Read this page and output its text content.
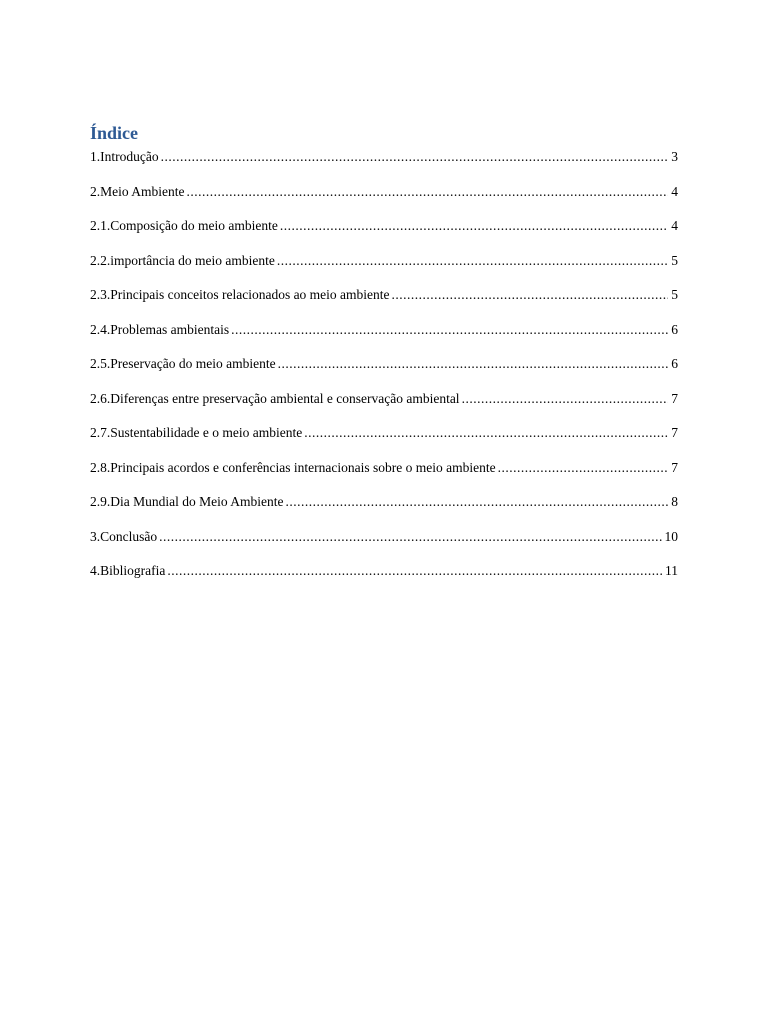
Índice
1.Introdução .....	3
2.Meio Ambiente .....	4
2.1.Composição do meio ambiente .....	4
2.2.importância do meio ambiente .....	5
2.3.Principais conceitos relacionados ao meio ambiente .....	5
2.4.Problemas ambientais .....	6
2.5.Preservação do meio ambiente .....	6
2.6.Diferenças entre preservação ambiental e conservação ambiental .....	7
2.7.Sustentabilidade e o meio ambiente .....	7
2.8.Principais acordos e conferências internacionais sobre o meio ambiente .....	7
2.9.Dia Mundial do Meio Ambiente .....	8
3.Conclusão .....	10
4.Bibliografia .....	11
